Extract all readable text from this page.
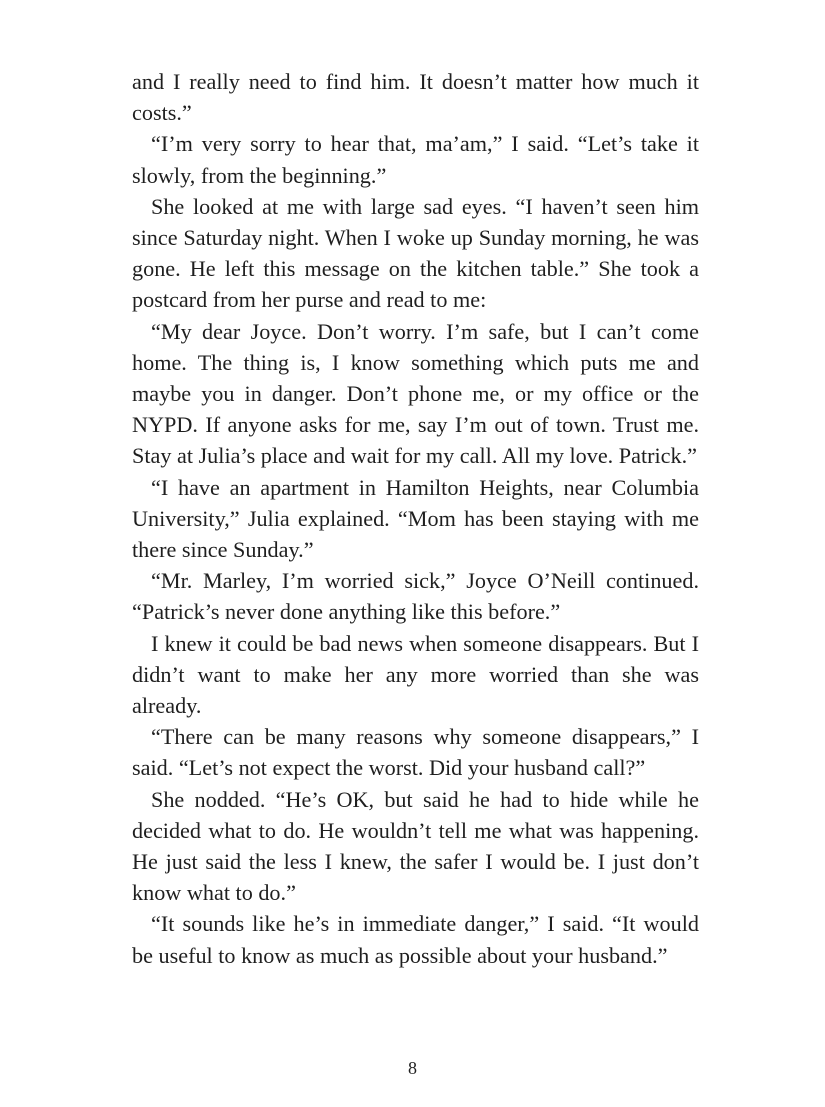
and I really need to find him. It doesn’t matter how much it costs.”

“I’m very sorry to hear that, ma’am,” I said. “Let’s take it slowly, from the beginning.”

She looked at me with large sad eyes. “I haven’t seen him since Saturday night. When I woke up Sunday morning, he was gone. He left this message on the kitchen table.” She took a postcard from her purse and read to me:

“My dear Joyce. Don’t worry. I’m safe, but I can’t come home. The thing is, I know something which puts me and maybe you in danger. Don’t phone me, or my office or the NYPD. If anyone asks for me, say I’m out of town. Trust me. Stay at Julia’s place and wait for my call. All my love. Patrick.”

“I have an apartment in Hamilton Heights, near Columbia University,” Julia explained. “Mom has been staying with me there since Sunday.”

“Mr. Marley, I’m worried sick,” Joyce O’Neill continued. “Patrick’s never done anything like this before.”

I knew it could be bad news when someone disappears. But I didn’t want to make her any more worried than she was already.

“There can be many reasons why someone disappears,” I said. “Let’s not expect the worst. Did your husband call?”

She nodded. “He’s OK, but said he had to hide while he decided what to do. He wouldn’t tell me what was happening. He just said the less I knew, the safer I would be. I just don’t know what to do.”

“It sounds like he’s in immediate danger,” I said. “It would be useful to know as much as possible about your husband.”

8
